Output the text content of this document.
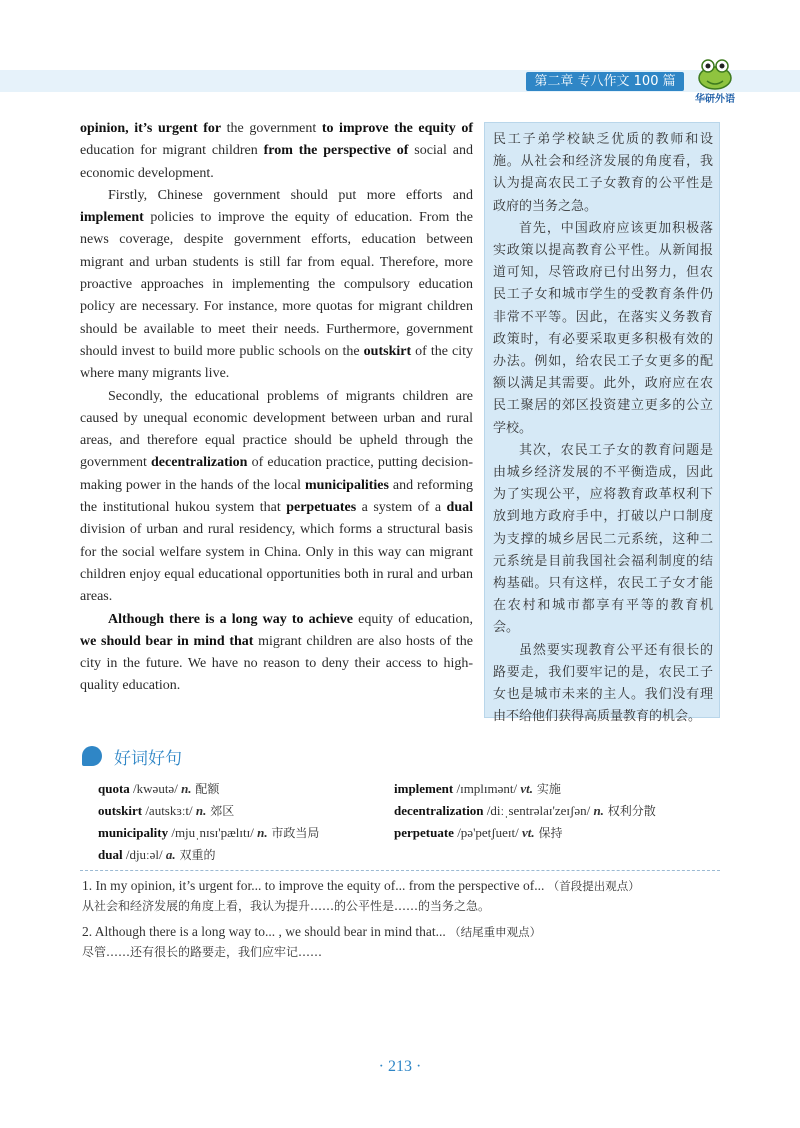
第二章 专八作文 100 篇
华研外语

opinion, it’s urgent for the government to improve the equity of education for migrant children from the perspective of social and economic development.

Firstly, Chinese government should put more efforts and implement policies to improve the equity of education. From the news coverage, despite government efforts, education between migrant and urban students is still far from equal. Therefore, more proactive approaches in implementing the compulsory education policy are necessary. For instance, more quotas for migrant children should be available to meet their needs. Furthermore, government should invest to build more public schools on the outskirt of the city where many migrants live.

Secondly, the educational problems of migrants children are caused by unequal economic development between urban and rural areas, and therefore equal practice should be upheld through the government decentralization of education practice, putting decision-making power in the hands of the local municipalities and reforming the institutional hukou system that perpetuates a system of a dual division of urban and rural residency, which forms a structural basis for the social welfare system in China. Only in this way can migrant children enjoy equal educational opportunities both in rural and urban areas.

Although there is a long way to achieve equity of education, we should bear in mind that migrant children are also hosts of the city in the future. We have no reason to deny their access to high-quality education.

民工子弟学校缺乏优质的教师和设施。从社会和经济发展的角度看，我认为提高农民工子女教育的公平性是政府的当务之急。

首先，中国政府应该更加积极落实政策以提高教育公平性。从新闻报道可知，尽管政府已付出努力，但农民工子女和城市学生的受教育条件仍非常不平等。因此，在落实义务教育政策时，有必要采取更多积极有效的办法。例如，给农民工子女更多的配额以满足其需要。此外，政府应在农民工聚居的郊区投资建立更多的公立学校。

其次，农民工子女的教育问题是由城乡经济发展的不平衡造成，因此为了实现公平，应将教育政革权利下放到地方政府手中，打破以户口制度为支撑的城乡居民二元系统，这种二元系统是目前我国社会福利制度的结构基础。只有这样，农民工子女才能在农村和城市都享有平等的教育机会。

虽然要实现教育公平还有很长的路要走，我们要牢记的是，农民工子女也是城市未来的主人。我们没有理由不给他们获得高质量教育的机会。

好词好句
quota /kwəutə/ n. 配额	implement /ɪmplɪmənt/ vt. 实施
outskirt /autskɜːt/ n. 郊区	decentralization /diːˌsentrəlaɪ'zeɪʃən/ n. 权利分散
municipality /mjuˌnɪsɪ'pælɪtɪ/ n. 市政当局	perpetuate /pə'petʃueɪt/ vt. 保持
dual /djuːəl/ a. 双重的
1. In my opinion, it’s urgent for... to improve the equity of... from the perspective of... （首段提出观点）
从社会和经济发展的角度上看，我认为提升……的公平性是……的当务之急。
2. Although there is a long way to... , we should bear in mind that... （结尾重申观点）
尽管……还有很长的路要走，我们应牢记……
· 213 ·
